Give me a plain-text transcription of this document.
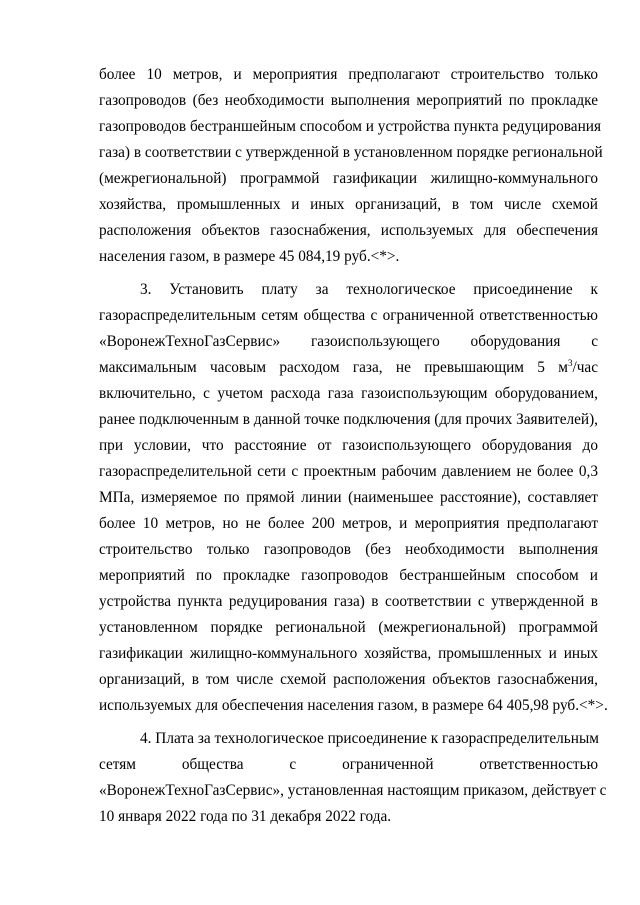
более 10 метров, и мероприятия предполагают строительство только
газопроводов (без необходимости выполнения мероприятий по прокладке
газопроводов бестраншейным способом и устройства пункта редуцирования
газа) в соответствии с утвержденной в установленном порядке региональной
(межрегиональной) программой газификации жилищно-коммунального
хозяйства, промышленных и иных организаций, в том числе схемой
расположения объектов газоснабжения, используемых для обеспечения
населения газом, в размере 45 084,19 руб.<*>.
3. Установить плату за технологическое присоединение к
газораспределительным сетям общества с ограниченной ответственностью
«ВоронежТехноГазСервис» газоиспользующего оборудования с
максимальным часовым расходом газа, не превышающим 5 $м^3$/час
включительно, с учетом расхода газа газоиспользующим оборудованием,
ранее подключенным в данной точке подключения (для прочих Заявителей),
при условии, что расстояние от газоиспользующего оборудования до
газораспределительной сети с проектным рабочим давлением не более 0,3
МПа, измеряемое по прямой линии (наименьшее расстояние), составляет
более 10 метров, но не более 200 метров, и мероприятия предполагают
строительство только газопроводов (без необходимости выполнения
мероприятий по прокладке газопроводов бестраншейным способом и
устройства пункта редуцирования газа) в соответствии с утвержденной в
установленном порядке региональной (межрегиональной) программой
газификации жилищно-коммунального хозяйства, промышленных и иных
организаций, в том числе схемой расположения объектов газоснабжения,
используемых для обеспечения населения газом, в размере 64 405,98 руб.<*>.
4. Плата за технологическое присоединение к газораспределительным
сетям общества с ограниченной ответственностью
«ВоронежТехноГазСервис», установленная настоящим приказом, действует с
10 января 2022 года по 31 декабря 2022 года.
